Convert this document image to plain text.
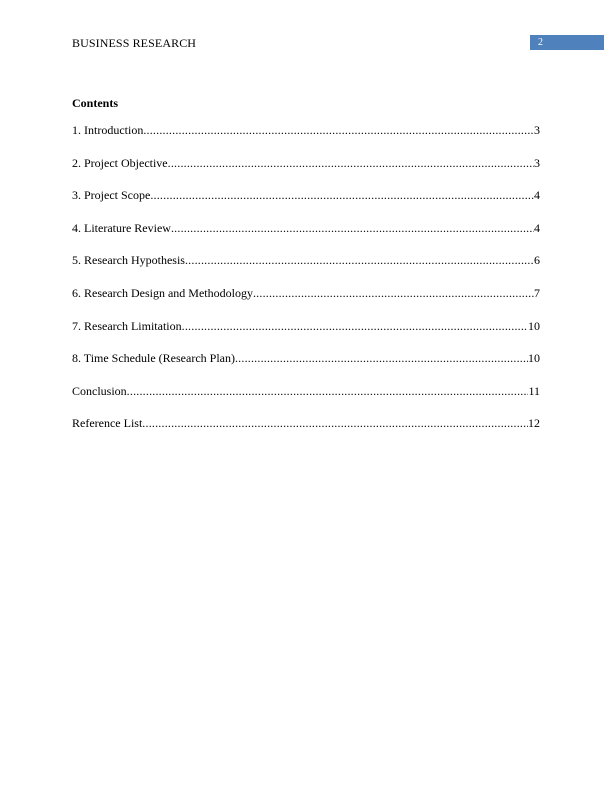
BUSINESS RESEARCH	2
Contents
1. Introduction .....	3
2. Project Objective .....	3
3. Project Scope .....	4
4. Literature Review .....	4
5. Research Hypothesis .....	6
6. Research Design and Methodology .....	7
7. Research Limitation .....	10
8. Time Schedule (Research Plan) .....	10
Conclusion .....	11
Reference List .....	12
